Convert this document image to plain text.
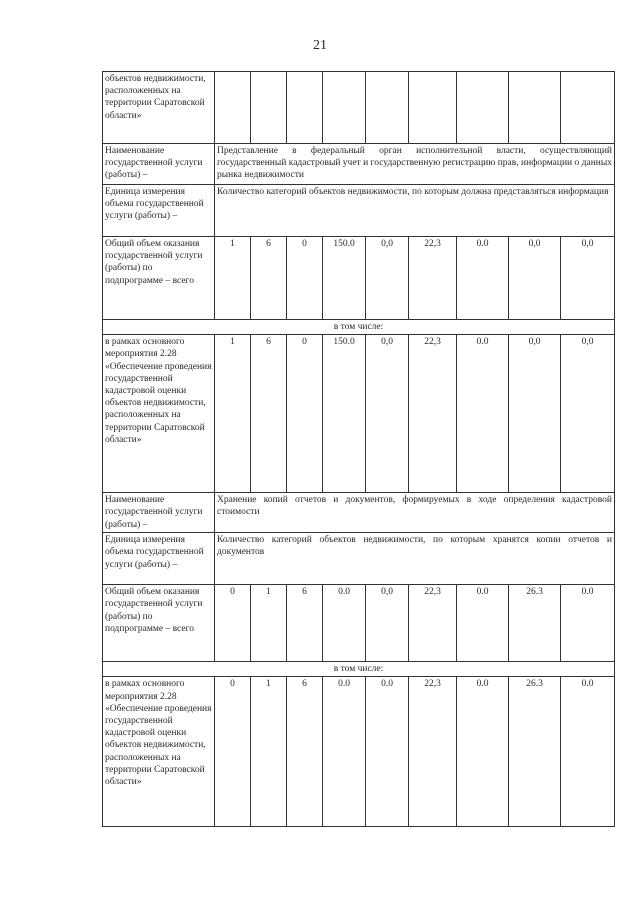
21
объектов недвижимости, расположенных на территории Саратовской области»									
Наименование государственной услуги (работы) –	Представление в федеральный орган исполнительной власти, осуществляющий государственный кадастровый учет и государственную регистрацию прав, информации о данных рынка недвижимости								
Единица измерения объема государственной услуги (работы) –	Количество категорий объектов недвижимости, по которым должна представляться информация								
Общий объем оказания государственной услуги (работы) по подпрограмме – всего	1	6	0	150.0	0,0	22,3	0.0	0,0	0,0
в том числе:									
в рамках основного мероприятия 2.28 «Обеспечение проведения государственной кадастровой оценки объектов недвижимости, расположенных на территории Саратовской области»	1	6	0	150.0	0,0	22,3	0.0	0,0	0,0
Наименование государственной услуги (работы) –	Хранение копий отчетов и документов, формируемых в ходе определения кадастровой стоимости								
Единица измерения объема государственной услуги (работы) –	Количество категорий объектов недвижимости, по которым хранятся копии отчетов и документов								
Общий объем оказания государственной услуги (работы) по подпрограмме – всего	0	1	6	0.0	0,0	22,3	0.0	26.3	0.0
в том числе:									
в рамках основного мероприятия 2.28 «Обеспечение проведения государственной кадастровой оценки объектов недвижимости, расположенных на территории Саратовской области»	0	1	6	0.0	0.0	22,3	0.0	26.3	0.0
